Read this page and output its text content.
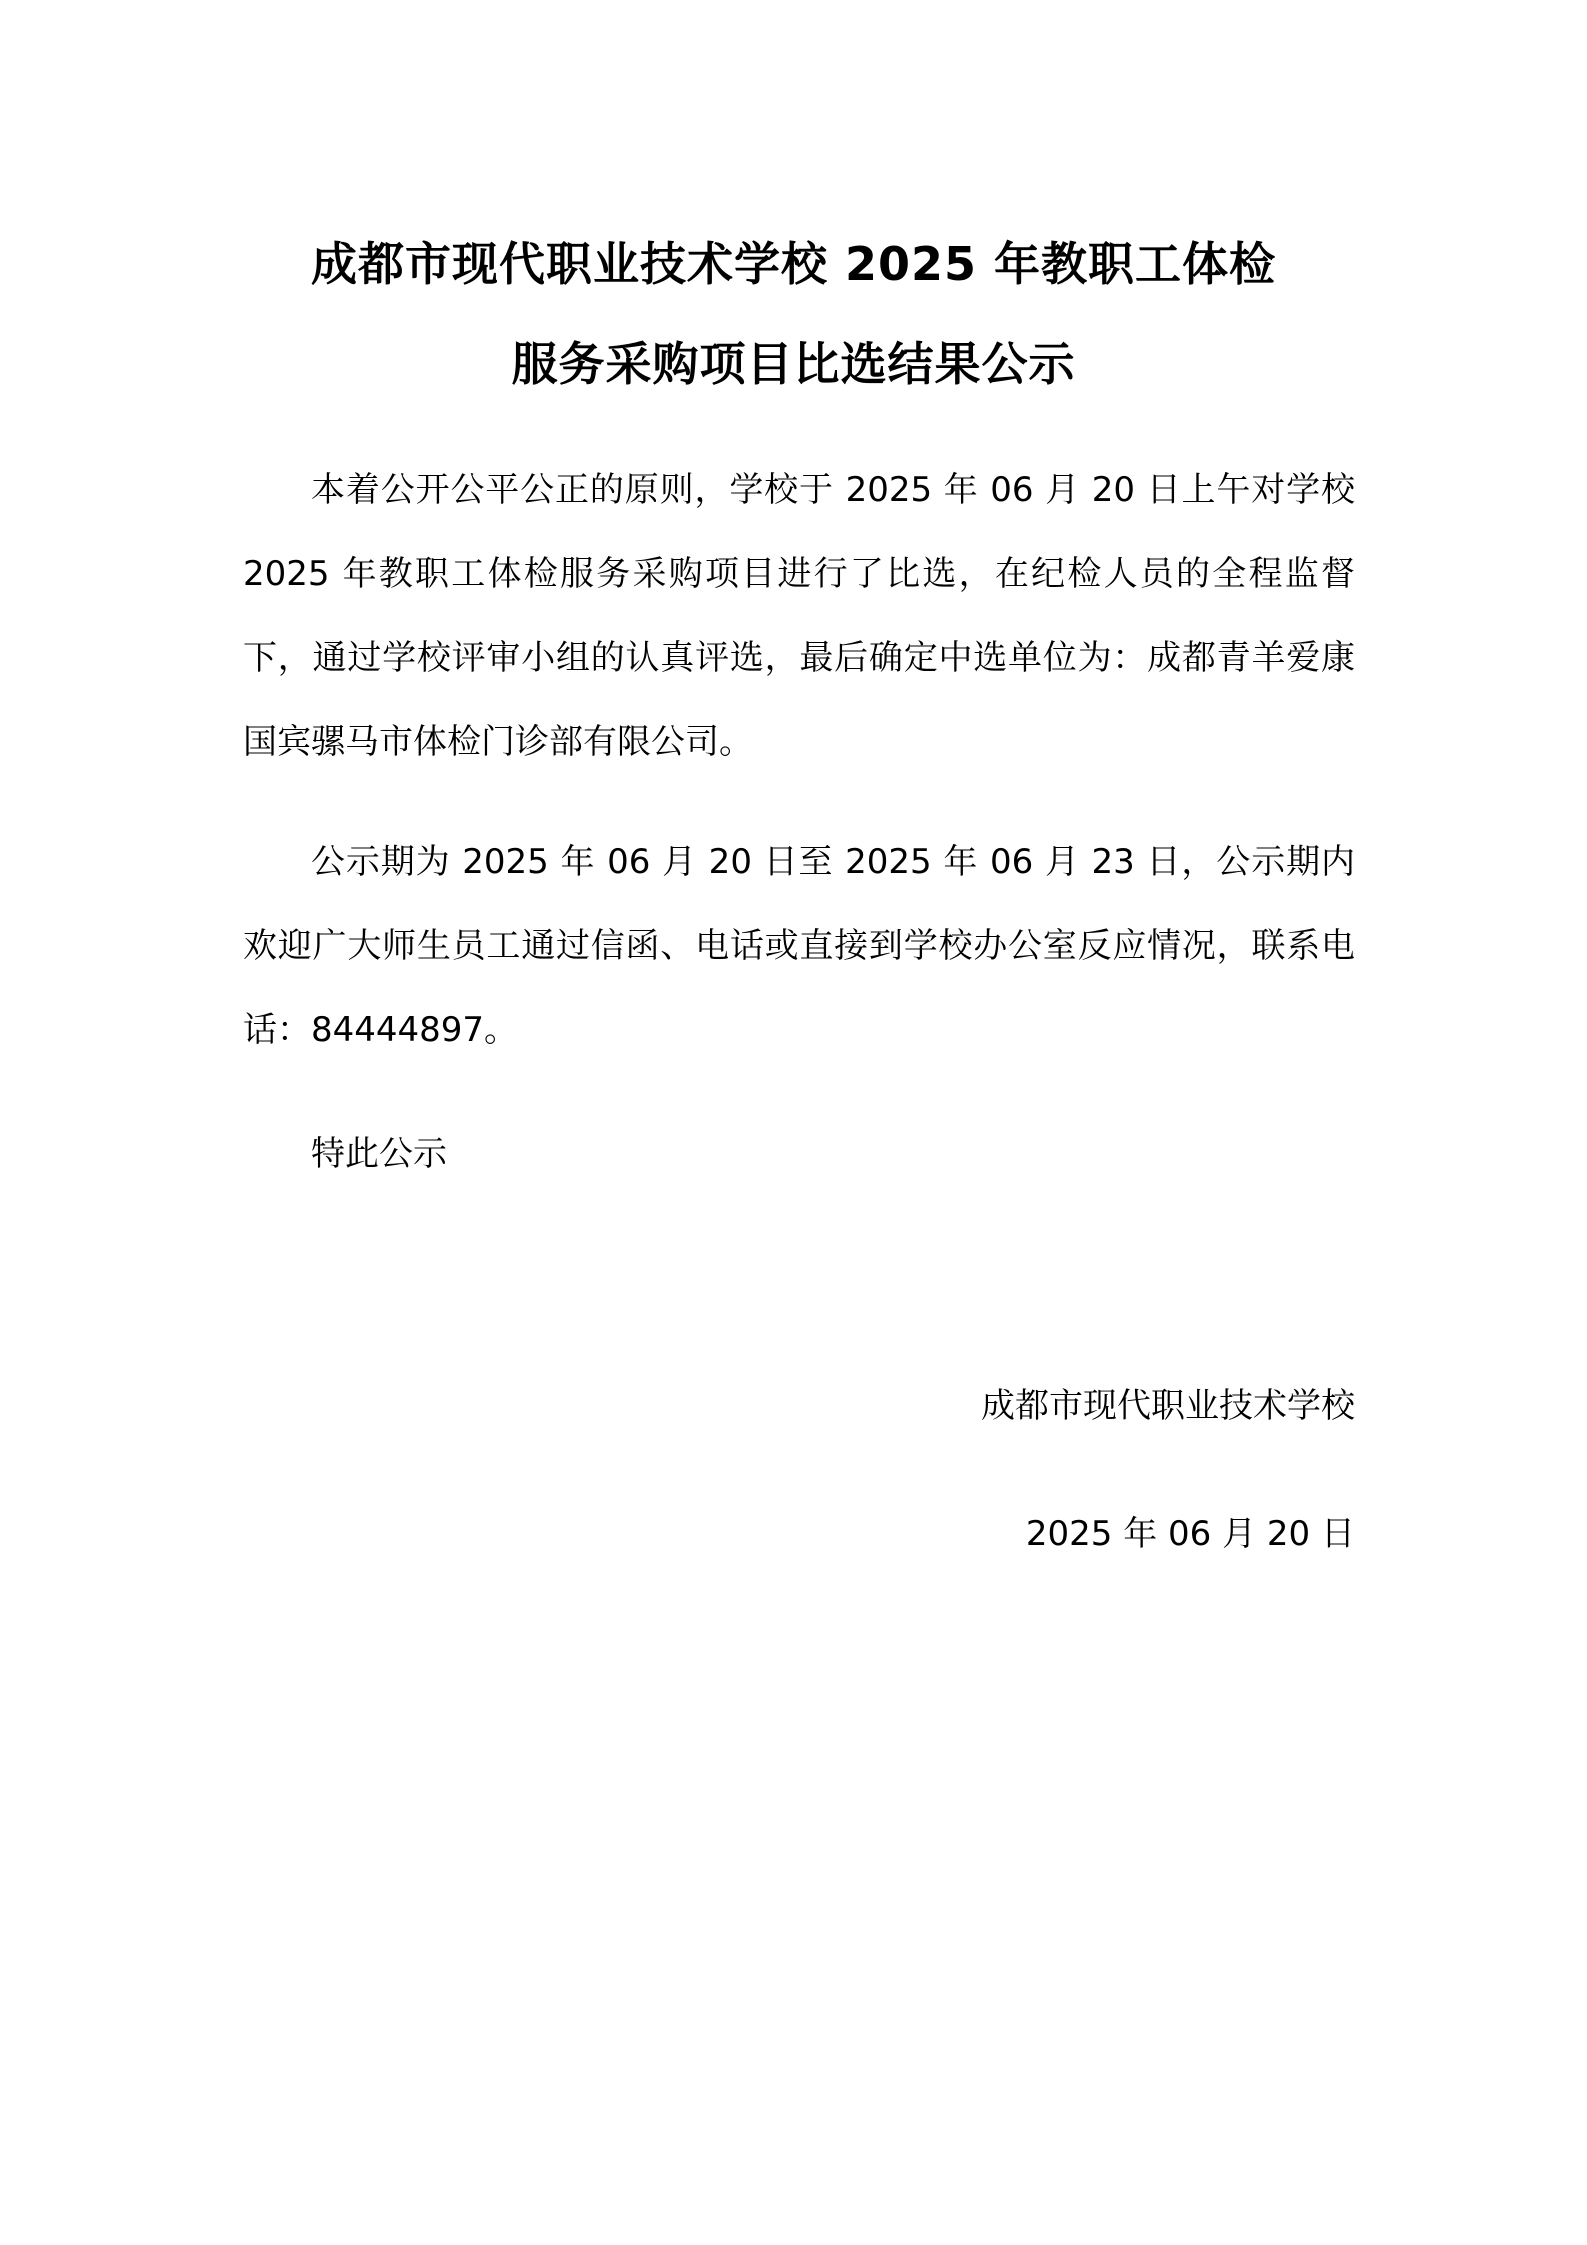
成都市现代职业技术学校 2025 年教职工体检
服务采购项目比选结果公示

本着公开公平公正的原则，学校于 2025 年 06 月 20 日上午对学校 2025 年教职工体检服务采购项目进行了比选，在纪检人员的全程监督下，通过学校评审小组的认真评选，最后确定中选单位为：成都青羊爱康国宾骡马市体检门诊部有限公司。

公示期为 2025 年 06 月 20 日至 2025 年 06 月 23 日，公示期内欢迎广大师生员工通过信函、电话或直接到学校办公室反应情况，联系电话：84444897。

特此公示

成都市现代职业技术学校
2025 年 06 月 20 日
